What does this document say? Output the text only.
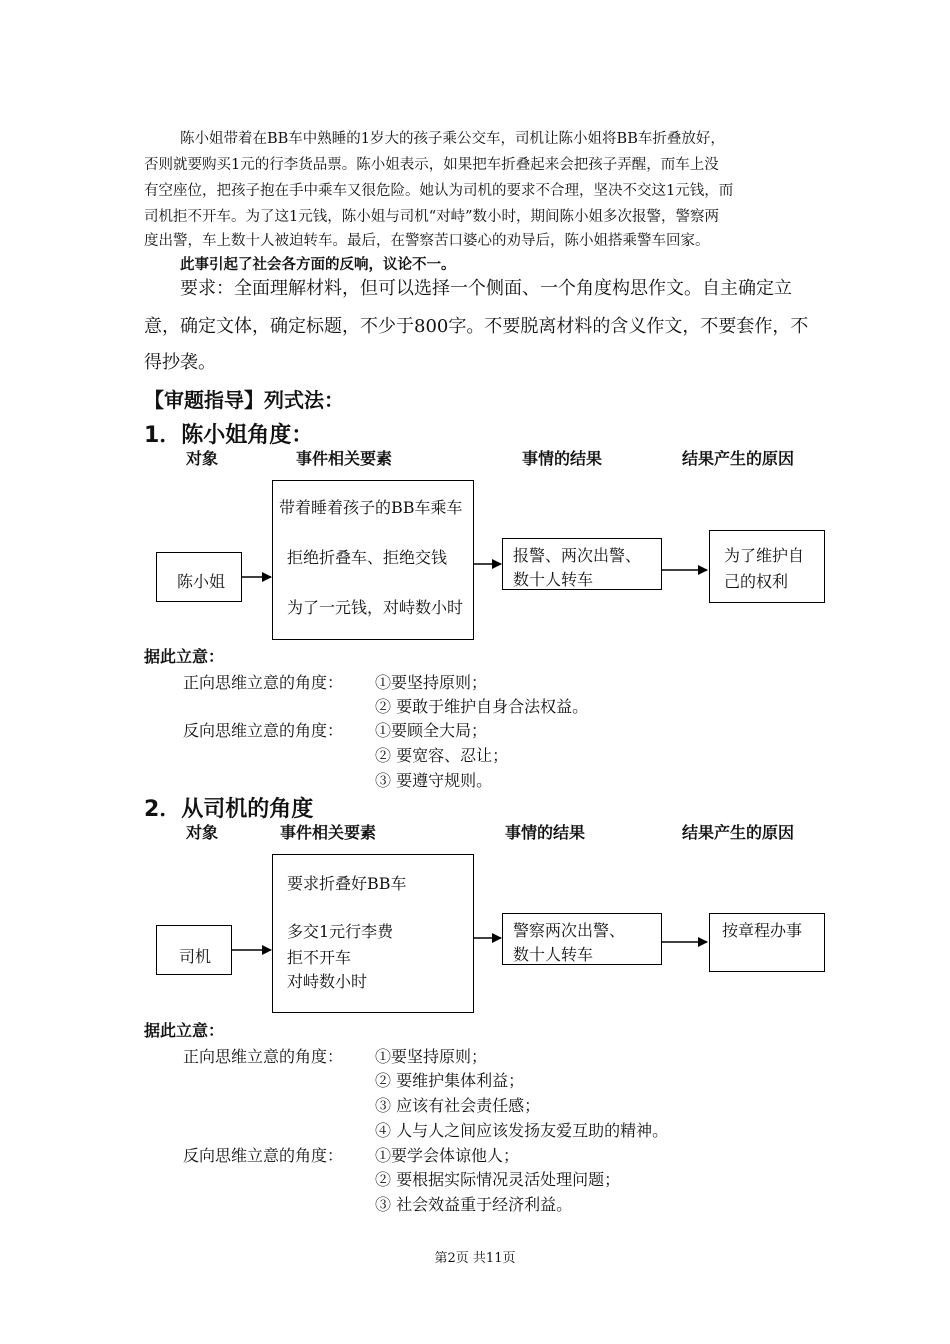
陈小姐带着在BB车中熟睡的1岁大的孩子乘公交车，司机让陈小姐将BB车折叠放好，
否则就要购买1元的行李货品票。陈小姐表示，如果把车折叠起来会把孩子弄醒，而车上没
有空座位，把孩子抱在手中乘车又很危险。她认为司机的要求不合理，坚决不交这1元钱，而
司机拒不开车。为了这1元钱，陈小姐与司机“对峙”数小时，期间陈小姐多次报警，警察两
度出警，车上数十人被迫转车。最后，在警察苦口婆心的劝导后，陈小姐搭乘警车回家。
此事引起了社会各方面的反响，议论不一。
要求：全面理解材料，但可以选择一个侧面、一个角度构思作文。自主确定立
意，确定文体，确定标题，不少于800字。不要脱离材料的含义作文，不要套作，不
得抄袭。
【审题指导】列式法：
1．陈小姐角度：
对象	事件相关要素	事情的结果	结果产生的原因
陈小姐
带着睡着孩子的BB车乘车
拒绝折叠车、拒绝交钱
为了一元钱，对峙数小时
报警、两次出警、
数十人转车
为了维护自
己的权利
据此立意：
正向思维立意的角度： ①要坚持原则；
② 要敢于维护自身合法权益。
反向思维立意的角度： ①要顾全大局；
② 要宽容、忍让；
③ 要遵守规则。
2．从司机的角度
对象	事件相关要素	事情的结果	结果产生的原因
司机
要求折叠好BB车
多交1元行李费
拒不开车
对峙数小时
警察两次出警、
数十人转车
按章程办事
据此立意：
正向思维立意的角度： ①要坚持原则；
② 要维护集体利益；
③ 应该有社会责任感；
④ 人与人之间应该发扬友爱互助的精神。
反向思维立意的角度： ①要学会体谅他人；
② 要根据实际情况灵活处理问题；
③ 社会效益重于经济利益。
第2页 共11页
